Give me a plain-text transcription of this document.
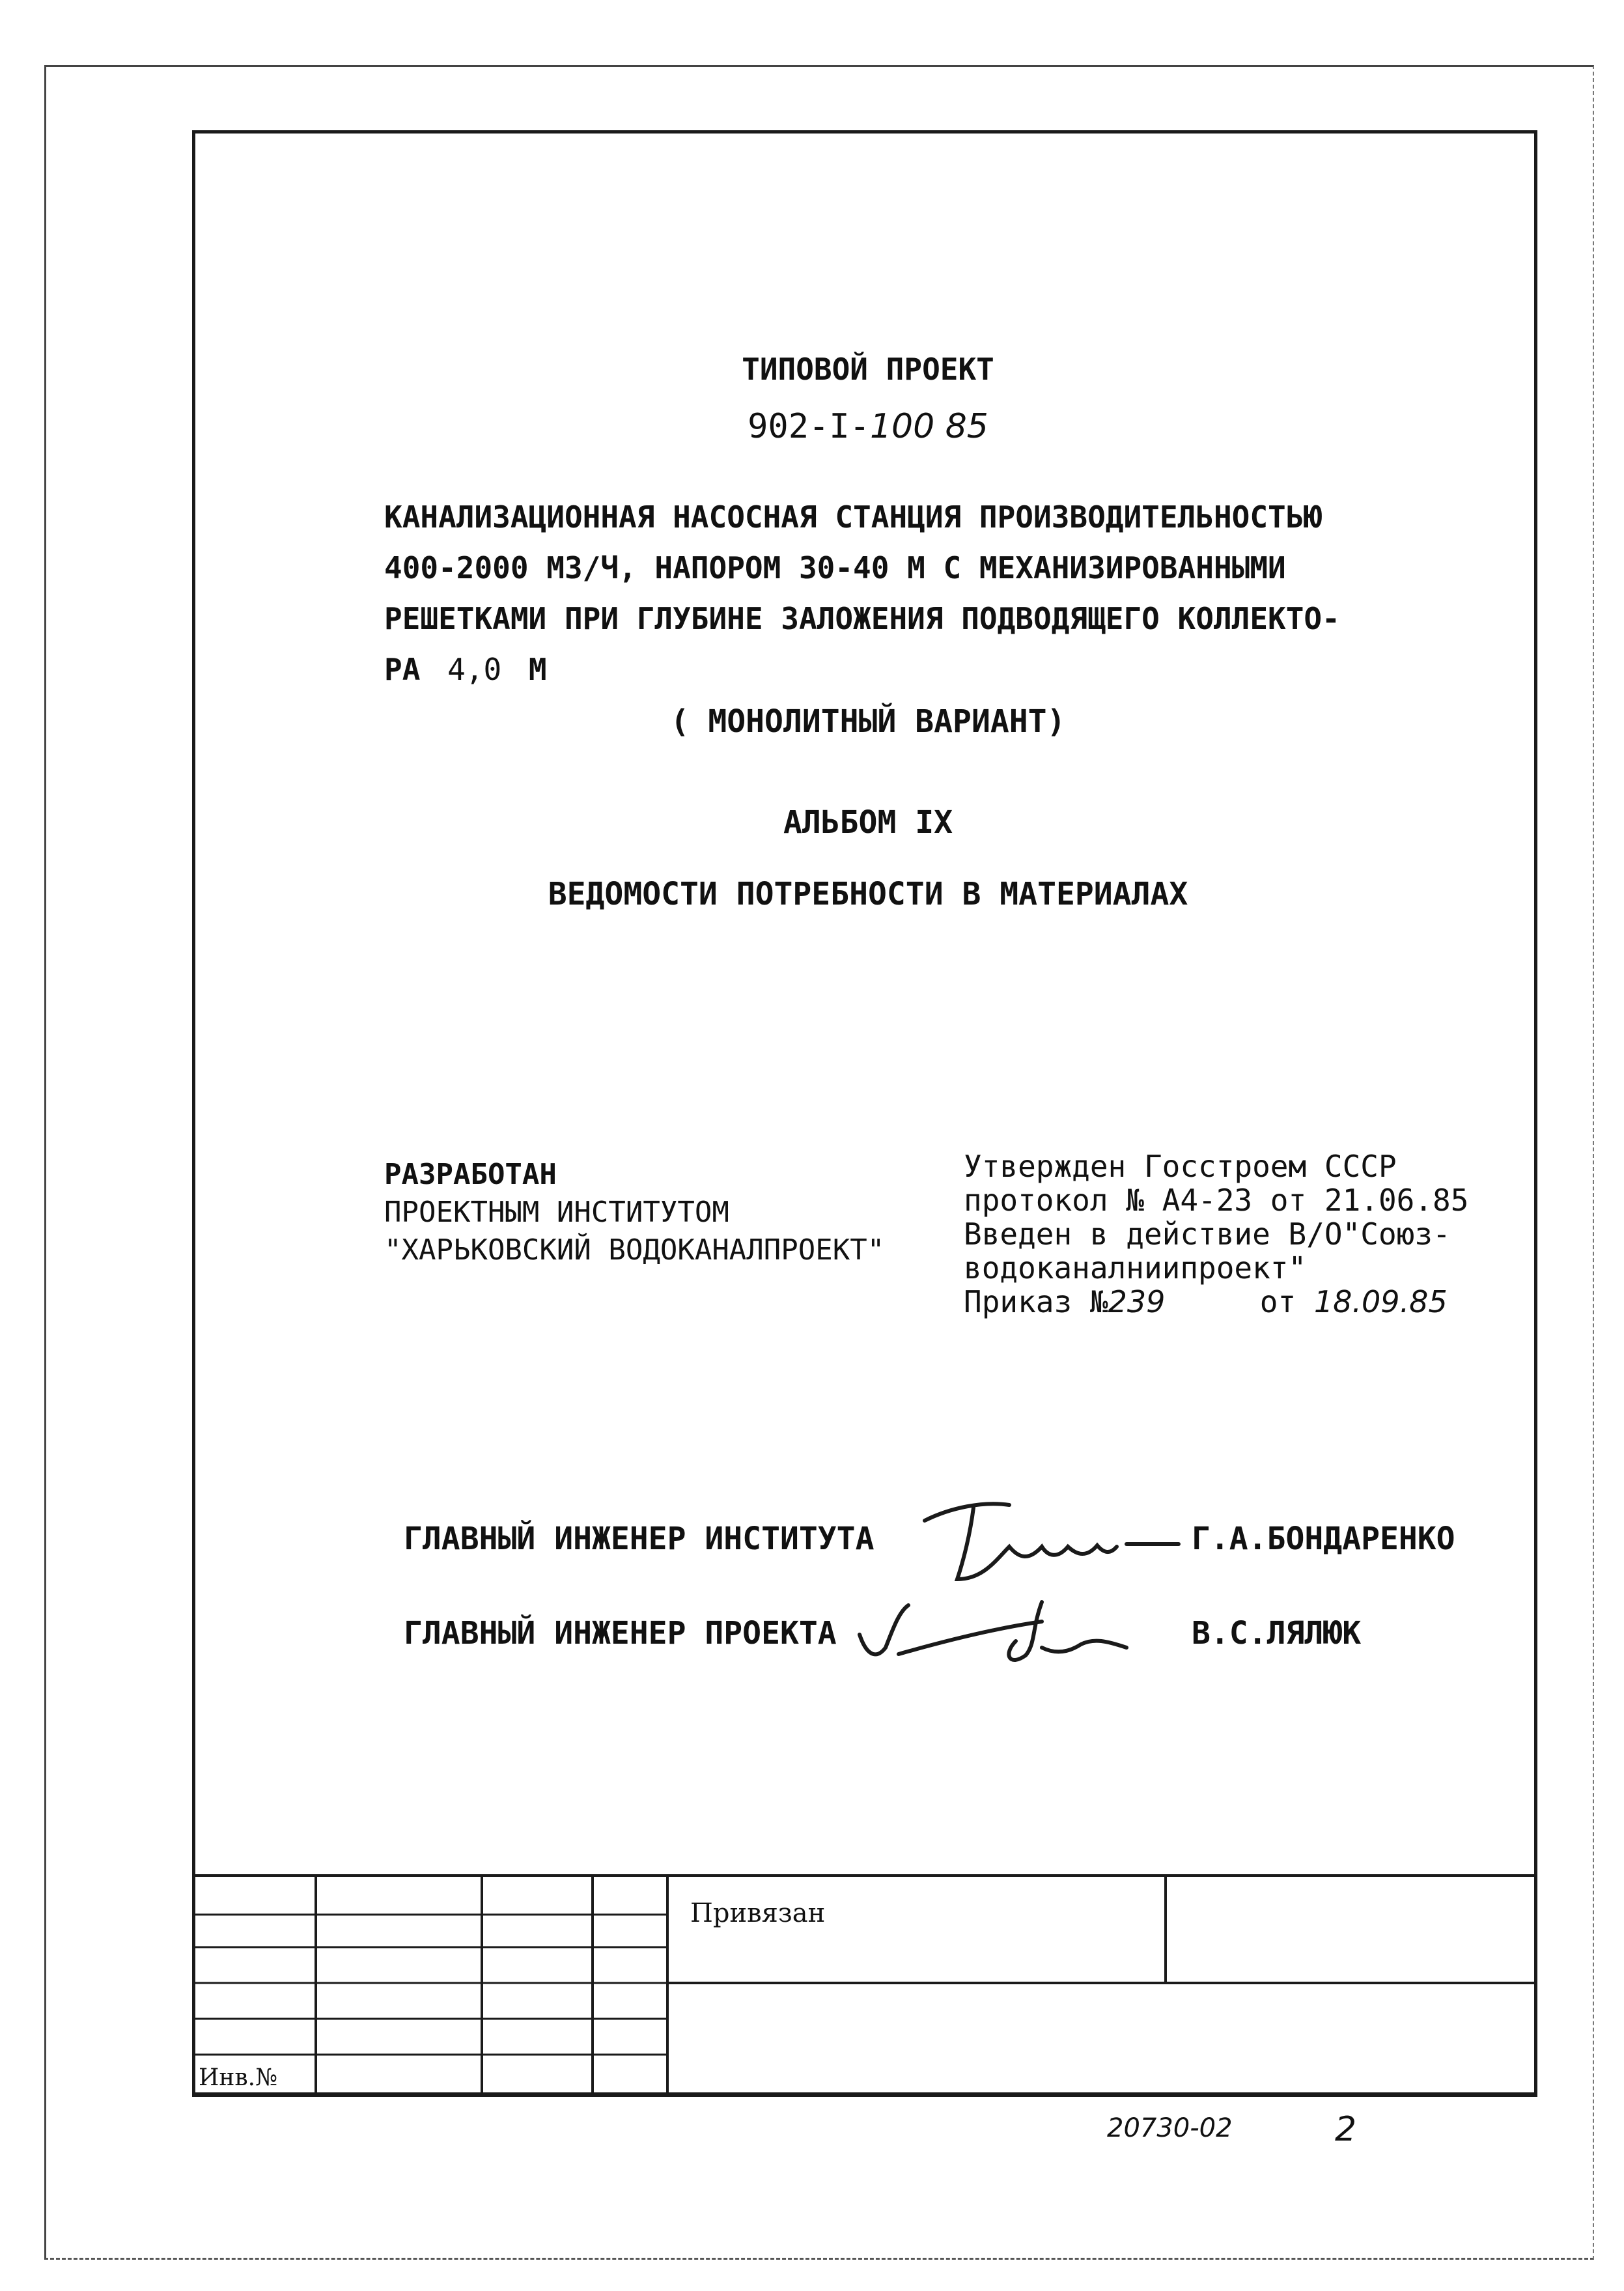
ТИПОВОЙ ПРОЕКТ
902-I-100 85
КАНАЛИЗАЦИОННАЯ НАСОСНАЯ СТАНЦИЯ ПРОИЗВОДИТЕЛЬНОСТЬЮ
400-2000 М3/Ч, НАПОРОМ 30-40 М С МЕХАНИЗИРОВАННЫМИ
РЕШЕТКАМИ ПРИ ГЛУБИНЕ ЗАЛОЖЕНИЯ ПОДВОДЯЩЕГО КОЛЛЕКТО-
РА 4,0 М
( МОНОЛИТНЫЙ ВАРИАНТ)
АЛЬБОМ IX
ВЕДОМОСТИ ПОТРЕБНОСТИ В МАТЕРИАЛАХ
РАЗРАБОТАН
ПРОЕКТНЫМ ИНСТИТУТОМ
"ХАРЬКОВСКИЙ ВОДОКАНАЛПРОЕКТ"
Утвержден Госстроем СССР
протокол № А4-23 от 21.06.85
Введен в действие В/О"Союз-
водоканалниипроект"
Приказ №239	от 18.09.85
ГЛАВНЫЙ ИНЖЕНЕР ИНСТИТУТА	Г.А.БОНДАРЕНКО
ГЛАВНЫЙ ИНЖЕНЕР ПРОЕКТА	В.С.ЛЯЛЮК
Привязан
Инв.№
20730-02	2
